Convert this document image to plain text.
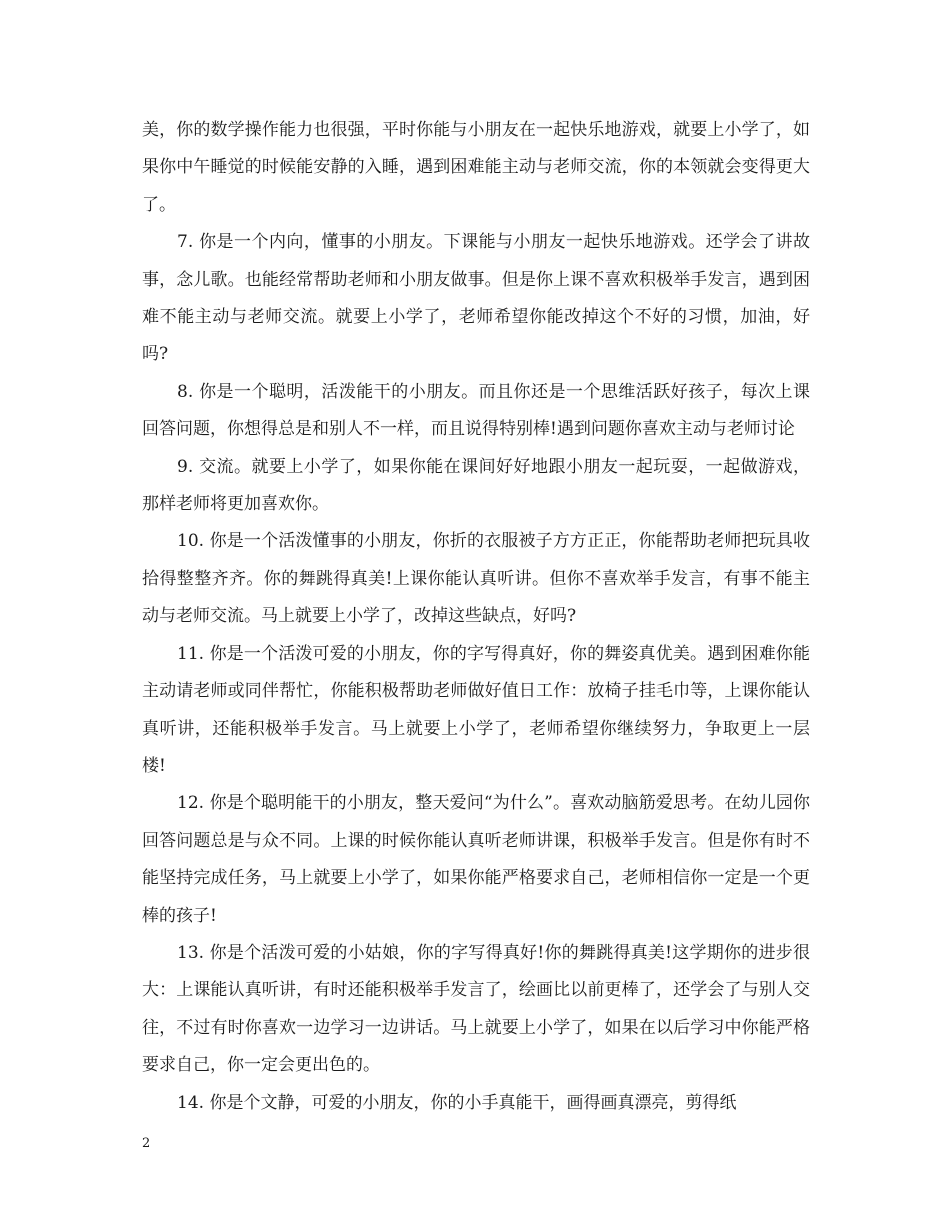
美，你的数学操作能力也很强，平时你能与小朋友在一起快乐地游戏，就要上小学了，如果你中午睡觉的时候能安静的入睡，遇到困难能主动与老师交流，你的本领就会变得更大了。

7. 你是一个内向，懂事的小朋友。下课能与小朋友一起快乐地游戏。还学会了讲故事，念儿歌。也能经常帮助老师和小朋友做事。但是你上课不喜欢积极举手发言，遇到困难不能主动与老师交流。就要上小学了，老师希望你能改掉这个不好的习惯，加油，好吗?

8. 你是一个聪明，活泼能干的小朋友。而且你还是一个思维活跃好孩子，每次上课回答问题，你想得总是和别人不一样，而且说得特别棒!遇到问题你喜欢主动与老师讨论

9. 交流。就要上小学了，如果你能在课间好好地跟小朋友一起玩耍，一起做游戏，那样老师将更加喜欢你。

10. 你是一个活泼懂事的小朋友，你折的衣服被子方方正正，你能帮助老师把玩具收拾得整整齐齐。你的舞跳得真美!上课你能认真听讲。但你不喜欢举手发言，有事不能主动与老师交流。马上就要上小学了，改掉这些缺点，好吗?

11. 你是一个活泼可爱的小朋友，你的字写得真好，你的舞姿真优美。遇到困难你能主动请老师或同伴帮忙，你能积极帮助老师做好值日工作：放椅子挂毛巾等，上课你能认真听讲，还能积极举手发言。马上就要上小学了，老师希望你继续努力，争取更上一层楼!

12. 你是个聪明能干的小朋友，整天爱问“为什么”。喜欢动脑筋爱思考。在幼儿园你回答问题总是与众不同。上课的时候你能认真听老师讲课，积极举手发言。但是你有时不能坚持完成任务，马上就要上小学了，如果你能严格要求自己，老师相信你一定是一个更棒的孩子!

13. 你是个活泼可爱的小姑娘，你的字写得真好!你的舞跳得真美!这学期你的进步很大：上课能认真听讲，有时还能积极举手发言了，绘画比以前更棒了，还学会了与别人交往，不过有时你喜欢一边学习一边讲话。马上就要上小学了，如果在以后学习中你能严格要求自己，你一定会更出色的。

14. 你是个文静，可爱的小朋友，你的小手真能干，画得画真漂亮，剪得纸

2
